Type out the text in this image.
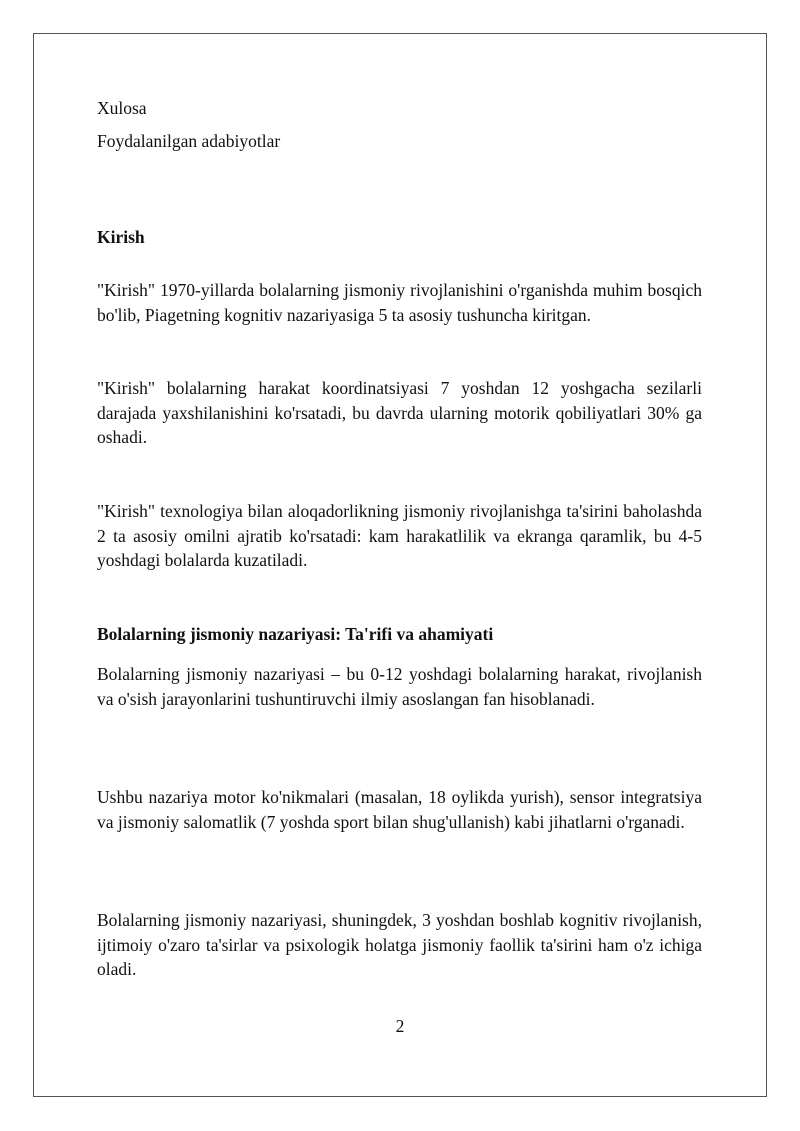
Xulosa

Foydalanilgan adabiyotlar

Kirish

"Kirish" 1970-yillarda bolalarning jismoniy rivojlanishini o'rganishda muhim bosqich bo'lib, Piagetning kognitiv nazariyasiga 5 ta asosiy tushuncha kiritgan.

"Kirish" bolalarning harakat koordinatsiyasi 7 yoshdan 12 yoshgacha sezilarli darajada yaxshilanishini ko'rsatadi, bu davrda ularning motorik qobiliyatlari 30% ga oshadi.

"Kirish" texnologiya bilan aloqadorlikning jismoniy rivojlanishga ta'sirini baholashda 2 ta asosiy omilni ajratib ko'rsatadi: kam harakatlilik va ekranga qaramlik, bu 4-5 yoshdagi bolalarda kuzatiladi.

Bolalarning jismoniy nazariyasi: Ta'rifi va ahamiyati

Bolalarning jismoniy nazariyasi – bu 0-12 yoshdagi bolalarning harakat, rivojlanish va o'sish jarayonlarini tushuntiruvchi ilmiy asoslangan fan hisoblanadi.

Ushbu nazariya motor ko'nikmalari (masalan, 18 oylikda yurish), sensor integratsiya va jismoniy salomatlik (7 yoshda sport bilan shug'ullanish) kabi jihatlarni o'rganadi.

Bolalarning jismoniy nazariyasi, shuningdek, 3 yoshdan boshlab kognitiv rivojlanish, ijtimoiy o'zaro ta'sirlar va psixologik holatga jismoniy faollik ta'sirini ham o'z ichiga oladi.

2
